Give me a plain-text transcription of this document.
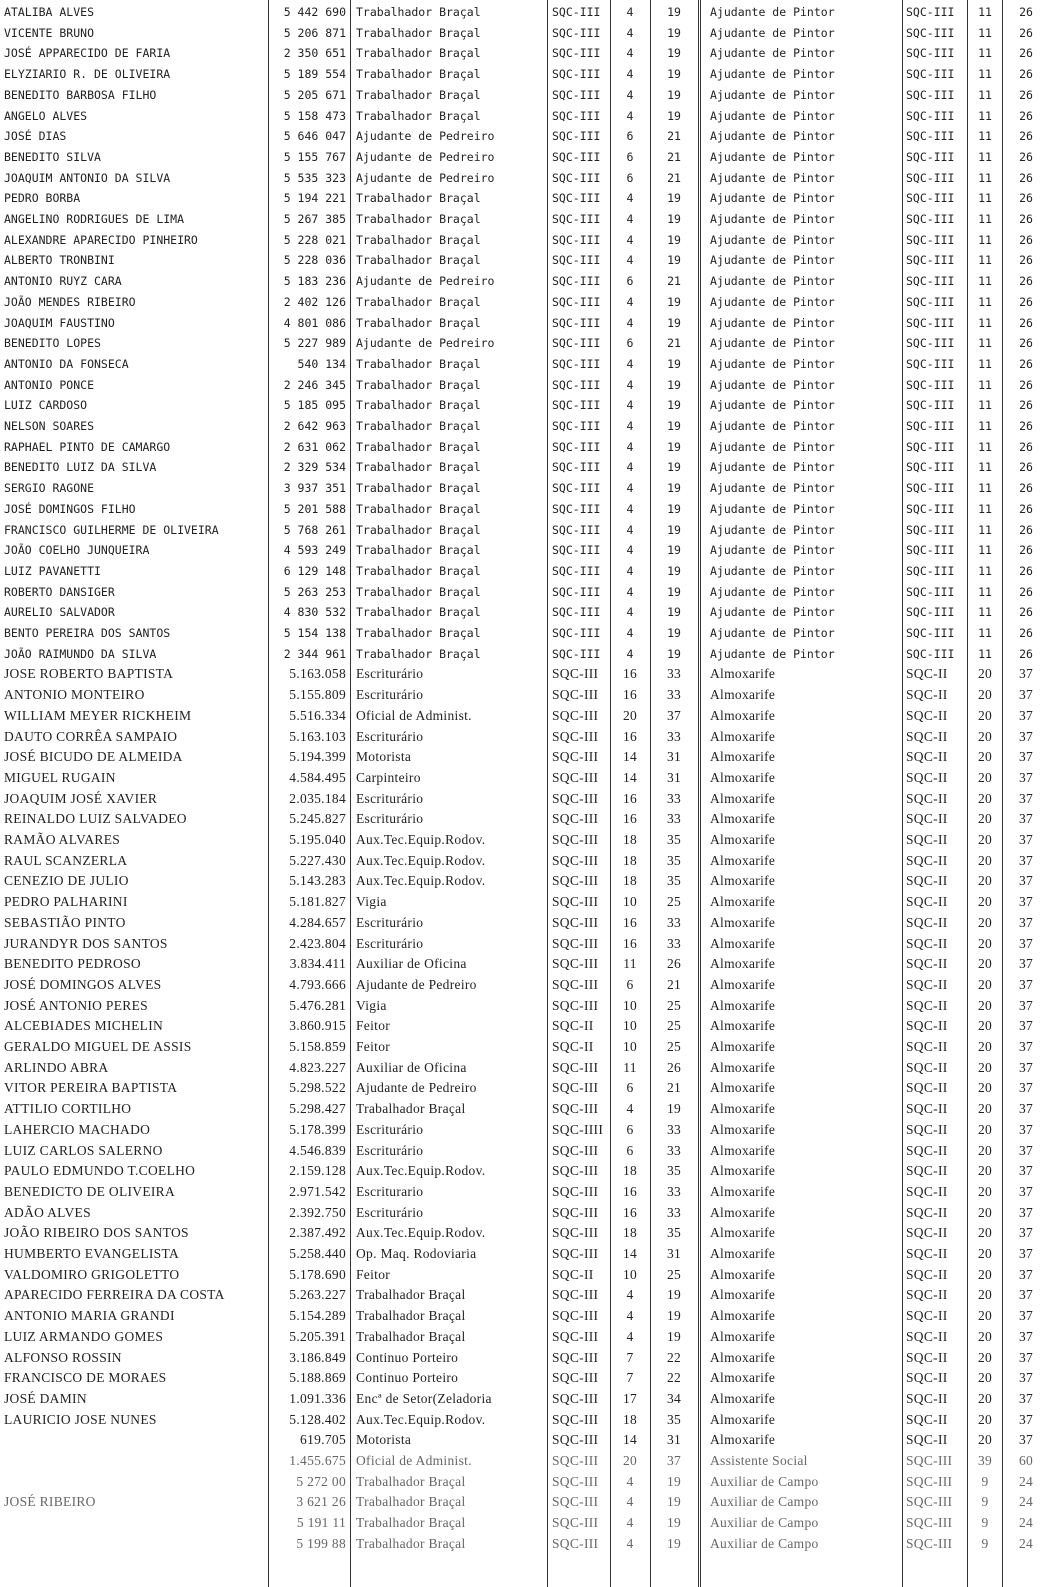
ATALIBA ALVES	5 442 690 Trabalhador Braçal	SQC-III	4	19	Ajudante de Pintor	SQC-III	11	26
VICENTE BRUNO	5 206 871 Trabalhador Braçal	SQC-III	4	19	Ajudante de Pintor	SQC-III	11	26
JOSÉ APPARECIDO DE FARIA	2 350 651 Trabalhador Braçal	SQC-III	4	19	Ajudante de Pintor	SQC-III	11	26
ELYZIARIO R. DE OLIVEIRA	5 189 554 Trabalhador Braçal	SQC-III	4	19	Ajudante de Pintor	SQC-III	11	26
BENEDITO BARBOSA FILHO	5 205 671 Trabalhador Braçal	SQC-III	4	19	Ajudante de Pintor	SQC-III	11	26
ANGELO ALVES	5 158 473 Trabalhador Braçal	SQC-III	4	19	Ajudante de Pintor	SQC-III	11	26
JOSÉ DIAS	5 646 047 Ajudante de Pedreiro	SQC-III	6	21	Ajudante de Pintor	SQC-III	11	26
BENEDITO SILVA	5 155 767 Ajudante de Pedreiro	SQC-III	6	21	Ajudante de Pintor	SQC-III	11	26
JOAQUIM ANTONIO DA SILVA	5 535 323 Ajudante de Pedreiro	SQC-III	6	21	Ajudante de Pintor	SQC-III	11	26
PEDRO BORBA	5 194 221 Trabalhador Braçal	SQC-III	4	19	Ajudante de Pintor	SQC-III	11	26
ANGELINO RODRIGUES DE LIMA	5 267 385 Trabalhador Braçal	SQC-III	4	19	Ajudante de Pintor	SQC-III	11	26
ALEXANDRE APARECIDO PINHEIRO	5 228 021 Trabalhador Braçal	SQC-III	4	19	Ajudante de Pintor	SQC-III	11	26
ALBERTO TRONBINI	5 228 036 Trabalhador Braçal	SQC-III	4	19	Ajudante de Pintor	SQC-III	11	26
ANTONIO RUYZ CARA	5 183 236 Ajudante de Pedreiro	SQC-III	6	21	Ajudante de Pintor	SQC-III	11	26
JOÃO MENDES RIBEIRO	2 402 126 Trabalhador Braçal	SQC-III	4	19	Ajudante de Pintor	SQC-III	11	26
JOAQUIM FAUSTINO	4 801 086 Trabalhador Braçal	SQC-III	4	19	Ajudante de Pintor	SQC-III	11	26
BENEDITO LOPES	5 227 989 Ajudante de Pedreiro	SQC-III	6	21	Ajudante de Pintor	SQC-III	11	26
ANTONIO DA FONSECA	540 134 Trabalhador Braçal	SQC-III	4	19	Ajudante de Pintor	SQC-III	11	26
ANTONIO PONCE	2 246 345 Trabalhador Braçal	SQC-III	4	19	Ajudante de Pintor	SQC-III	11	26
LUIZ CARDOSO	5 185 095 Trabalhador Braçal	SQC-III	4	19	Ajudante de Pintor	SQC-III	11	26
NELSON SOARES	2 642 963 Trabalhador Braçal	SQC-III	4	19	Ajudante de Pintor	SQC-III	11	26
RAPHAEL PINTO DE CAMARGO	2 631 062 Trabalhador Braçal	SQC-III	4	19	Ajudante de Pintor	SQC-III	11	26
BENEDITO LUIZ DA SILVA	2 329 534 Trabalhador Braçal	SQC-III	4	19	Ajudante de Pintor	SQC-III	11	26
SERGIO RAGONE	3 937 351 Trabalhador Braçal	SQC-III	4	19	Ajudante de Pintor	SQC-III	11	26
JOSÉ DOMINGOS FILHO	5 201 588 Trabalhador Braçal	SQC-III	4	19	Ajudante de Pintor	SQC-III	11	26
FRANCISCO GUILHERME DE OLIVEIRA	5 768 261 Trabalhador Braçal	SQC-III	4	19	Ajudante de Pintor	SQC-III	11	26
JOÃO COELHO JUNQUEIRA	4 593 249 Trabalhador Braçal	SQC-III	4	19	Ajudante de Pintor	SQC-III	11	26
LUIZ PAVANETTI	6 129 148 Trabalhador Braçal	SQC-III	4	19	Ajudante de Pintor	SQC-III	11	26
ROBERTO DANSIGER	5 263 253 Trabalhador Braçal	SQC-III	4	19	Ajudante de Pintor	SQC-III	11	26
AURELIO SALVADOR	4 830 532 Trabalhador Braçal	SQC-III	4	19	Ajudante de Pintor	SQC-III	11	26
BENTO PEREIRA DOS SANTOS	5 154 138 Trabalhador Braçal	SQC-III	4	19	Ajudante de Pintor	SQC-III	11	26
JOÃO RAIMUNDO DA SILVA	2 344 961 Trabalhador Braçal	SQC-III	4	19	Ajudante de Pintor	SQC-III	11	26
JOSE ROBERTO BAPTISTA	5.163.058 Escriturário	SQC-III	16	33	Almoxarife	SQC-II	20	37
ANTONIO MONTEIRO	5.155.809 Escriturário	SQC-III	16	33	Almoxarife	SQC-II	20	37
WILLIAM MEYER RICKHEIM	5.516.334 Oficial de Administ.	SQC-III	20	37	Almoxarife	SQC-II	20	37
DAUTO CORRÊA SAMPAIO	5.163.103 Escriturário	SQC-III	16	33	Almoxarife	SQC-II	20	37
JOSÉ BICUDO DE ALMEIDA	5.194.399 Motorista	SQC-III	14	31	Almoxarife	SQC-II	20	37
MIGUEL RUGAIN	4.584.495 Carpinteiro	SQC-III	14	31	Almoxarife	SQC-II	20	37
JOAQUIM JOSÉ XAVIER	2.035.184 Escriturário	SQC-III	16	33	Almoxarife	SQC-II	20	37
REINALDO LUIZ SALVADEO	5.245.827 Escriturário	SQC-III	16	33	Almoxarife	SQC-II	20	37
RAMÃO ALVARES	5.195.040 Aux.Tec.Equip.Rodov.	SQC-III	18	35	Almoxarife	SQC-II	20	37
RAUL SCANZERLA	5.227.430 Aux.Tec.Equip.Rodov.	SQC-III	18	35	Almoxarife	SQC-II	20	37
CENEZIO DE JULIO	5.143.283 Aux.Tec.Equip.Rodov.	SQC-III	18	35	Almoxarife	SQC-II	20	37
PEDRO PALHARINI	5.181.827 Vigia	SQC-III	10	25	Almoxarife	SQC-II	20	37
SEBASTIÃO PINTO	4.284.657 Escriturário	SQC-III	16	33	Almoxarife	SQC-II	20	37
JURANDYR DOS SANTOS	2.423.804 Escriturário	SQC-III	16	33	Almoxarife	SQC-II	20	37
BENEDITO PEDROSO	3.834.411 Auxiliar de Oficina	SQC-III	11	26	Almoxarife	SQC-II	20	37
JOSÉ DOMINGOS ALVES	4.793.666 Ajudante de Pedreiro	SQC-III	6	21	Almoxarife	SQC-II	20	37
JOSÉ ANTONIO PERES	5.476.281 Vigia	SQC-III	10	25	Almoxarife	SQC-II	20	37
ALCEBIADES MICHELIN	3.860.915 Feitor	SQC-II	10	25	Almoxarife	SQC-II	20	37
GERALDO MIGUEL DE ASSIS	5.158.859 Feitor	SQC-II	10	25	Almoxarife	SQC-II	20	37
ARLINDO ABRA	4.823.227 Auxiliar de Oficina	SQC-III	11	26	Almoxarife	SQC-II	20	37
VITOR PEREIRA BAPTISTA	5.298.522 Ajudante de Pedreiro	SQC-III	6	21	Almoxarife	SQC-II	20	37
ATTILIO CORTILHO	5.298.427 Trabalhador Braçal	SQC-III	4	19	Almoxarife	SQC-II	20	37
LAHERCIO MACHADO	5.178.399 Escriturário	SQC-IIII	6	33	Almoxarife	SQC-II	20	37
LUIZ CARLOS SALERNO	4.546.839 Escriturário	SQC-III	6	33	Almoxarife	SQC-II	20	37
PAULO EDMUNDO T.COELHO	2.159.128 Aux.Tec.Equip.Rodov.	SQC-III	18	35	Almoxarife	SQC-II	20	37
BENEDICTO DE OLIVEIRA	2.971.542 Escriturario	SQC-III	16	33	Almoxarife	SQC-II	20	37
ADÃO ALVES	2.392.750 Escriturário	SQC-III	16	33	Almoxarife	SQC-II	20	37
JOÃO RIBEIRO DOS SANTOS	2.387.492 Aux.Tec.Equip.Rodov.	SQC-III	18	35	Almoxarife	SQC-II	20	37
HUMBERTO EVANGELISTA	5.258.440 Op. Maq. Rodoviaria	SQC-III	14	31	Almoxarife	SQC-II	20	37
VALDOMIRO GRIGOLETTO	5.178.690 Feitor	SQC-II	10	25	Almoxarife	SQC-II	20	37
APARECIDO FERREIRA DA COSTA	5.263.227 Trabalhador Braçal	SQC-III	4	19	Almoxarife	SQC-II	20	37
ANTONIO MARIA GRANDI	5.154.289 Trabalhador Braçal	SQC-III	4	19	Almoxarife	SQC-II	20	37
LUIZ ARMANDO GOMES	5.205.391 Trabalhador Braçal	SQC-III	4	19	Almoxarife	SQC-II	20	37
ALFONSO ROSSIN	3.186.849 Continuo Porteiro	SQC-III	7	22	Almoxarife	SQC-II	20	37
FRANCISCO DE MORAES	5.188.869 Continuo Porteiro	SQC-III	7	22	Almoxarife	SQC-II	20	37
JOSÉ DAMIN	1.091.336 Encª de Setor(Zeladoria	SQC-III	17	34	Almoxarife	SQC-II	20	37
LAURICIO JOSE NUNES	5.128.402 Aux.Tec.Equip.Rodov.	SQC-III	18	35	Almoxarife	SQC-II	20	37
619.705 Motorista	SQC-III	14	31	Almoxarife	SQC-II	20	37
1.455.675 Oficial de Administ.	SQC-III	20	37	Assistente Social	SQC-III	39	60
5 272 00 Trabalhador Braçal	SQC-III	4	19	Auxiliar de Campo	SQC-III	9	24
JOSÉ RIBEIRO	3 621 26 Trabalhador Braçal	SQC-III	4	19	Auxiliar de Campo	SQC-III	9	24
5 191 11 Trabalhador Braçal	SQC-III	4	19	Auxiliar de Campo	SQC-III	9	24
5 199 88 Trabalhador Braçal	SQC-III	4	19	Auxiliar de Campo	SQC-III	9	24
